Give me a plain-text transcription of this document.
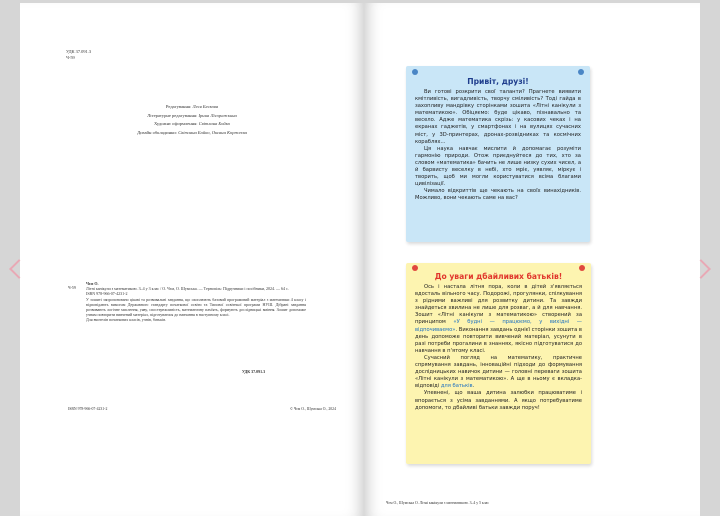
УДК 37.091.3
Ч-59
Редагування: Леся Бескова
Літературне редагування: Ірина Лісоражкина
Художнє оформлення: Світлана Бойко
Дизайн обкладинки: Світлана Бойко, Оксана Коржеєва
Ч-59
Чєм О.

Літні канікули з математикою. 3–4 у 3 клас / О. Чєм, О. Шумська. — Тернопіль: Підручники і посібники, 2024. — 64 с.

ISBN 978-966-07-4231-2

У зошиті запропоновано цікаві та розвивальні завдання, що охоплюють базовий програмовий матеріал з математики 4 класу і відповідають вимогам Державного стандарту початкової освіти та Типової освітньої програми НУШ. Дібрані завдання розвивають логічне мислення, уяву, спостережливість, математичну пам'ять, формують дослідницькі вміння. Зошит допоможе учням повторити вивчений матеріал, підготуватися до навчання в наступному класі.

Для вчителів початкових класів, учнів, батьків.

УДК 37.091.3
ISBN 978-966-07-4231-2	© Чєм О., Шумська О., 2024
Привіт, друзі!

Ви готові розкрити свої таланти? Прагнете виявити кмітливість, вигадливість, творчу сміливість? Тоді гайда в захопливу мандрівку сторінками зошита «Літні канікули з математикою». Обіцяємо: буде цікаво, пізнавально та весело. Адже математика скрізь: у касових чеках і на екранах гаджетів, у смартфонах і на вулицях сучасних міст, у 3D-принтерах, дронах-розвідниках та космічних кораблях...

Ця наука навчає мислити й допомагає розуміти гармонію природи. Отож приєднуйтеся до тих, хто за словом «математика» бачить не лише низку сухих чисел, а й барвисту веселку в небі, хто мріє, уявляє, міркує і творить, щоб ми могли користуватися всіма благами цивілізації.

Чимало відкриттів ще чекають на своїх винахідників. Можливо, вони чекають саме на вас?

До уваги дбайливих батьків!

Ось і настала літня пора, коли в дітей з'являється вдосталь вільного часу. Подорожі, прогулянки, спілкування з рідними важливі для розвитку дитини. Та завжди знайдеться хвилина не лише для розваг, а й для навчання. Зошит «Літні канікули з математикою» створений за принципом «У будні — працюємо, у вихідні — відпочиваємо». Виконання завдань однієї сторінки зошита в день допоможе повторити вивчений матеріал, усунути в разі потреби прогалини в знаннях, якісно підготуватися до навчання в п'ятому класі.

Сучасний погляд на математику, практичне спрямування завдань, інноваційні підходи до формування дослідницьких навичок дитини — головні переваги зошита «Літні канікули з математикою». А ще в ньому є вкладка-відповіді для батьків.

Упевнені, що ваша дитина залюбки працюватиме і впорається з усіма завданнями. А якщо потребуватиме допомоги, то дбайливі батьки завжди поруч!

Чєм О., Шумська О. Літні канікули з математикою. 3–4 у 5 клас
